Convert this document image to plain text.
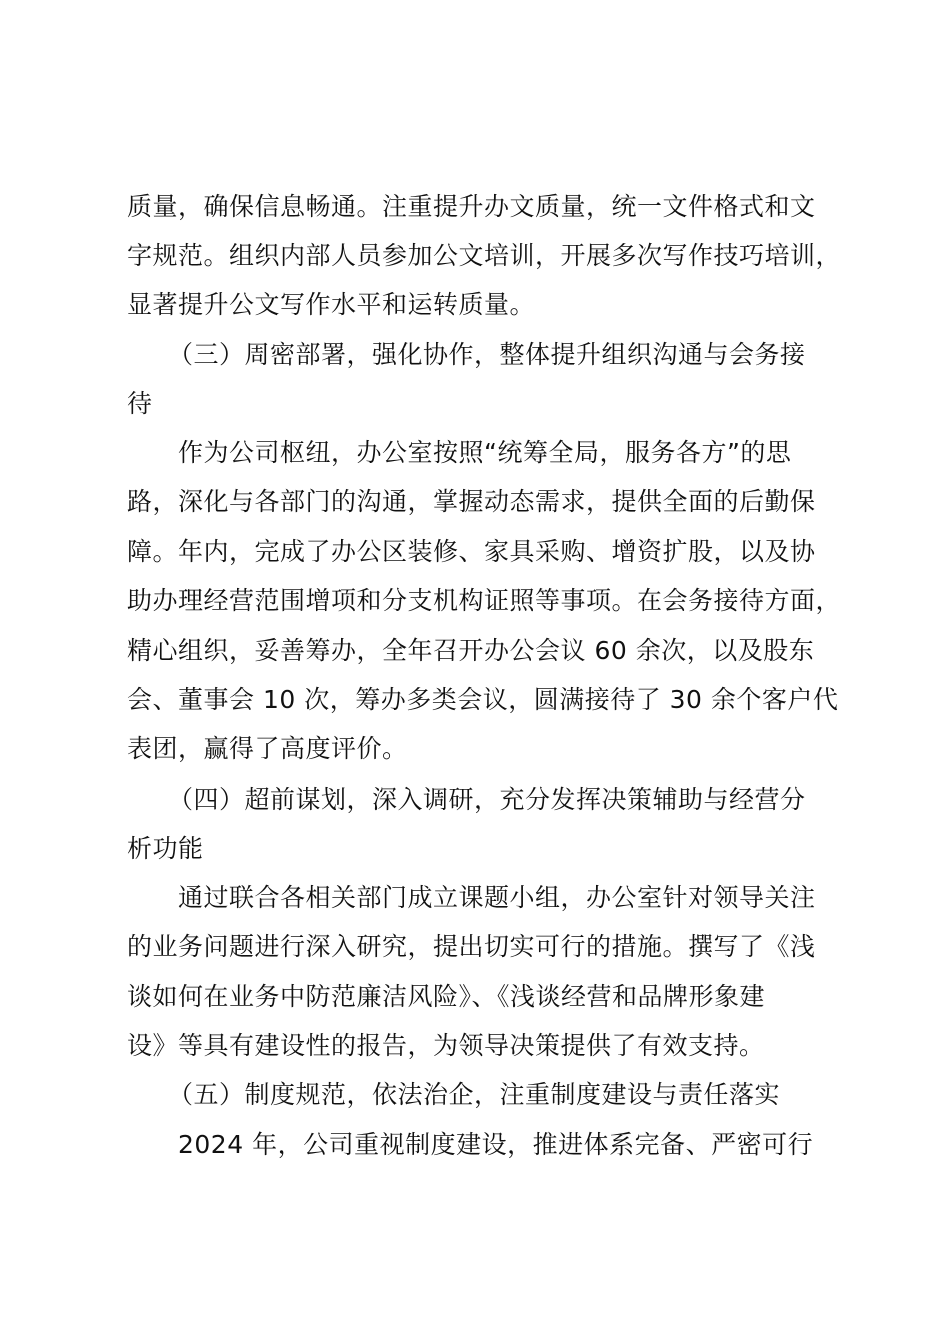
质量，确保信息畅通。注重提升办文质量，统一文件格式和文
字规范。组织内部人员参加公文培训，开展多次写作技巧培训，
显著提升公文写作水平和运转质量。
（三）周密部署，强化协作，整体提升组织沟通与会务接
待
作为公司枢纽，办公室按照“统筹全局，服务各方”的思
路，深化与各部门的沟通，掌握动态需求，提供全面的后勤保
障。年内，完成了办公区装修、家具采购、增资扩股，以及协
助办理经营范围增项和分支机构证照等事项。在会务接待方面，
精心组织，妥善筹办，全年召开办公会议 60 余次，以及股东
会、董事会 10 次，筹办多类会议，圆满接待了 30 余个客户代
表团，赢得了高度评价。
（四）超前谋划，深入调研，充分发挥决策辅助与经营分
析功能
通过联合各相关部门成立课题小组，办公室针对领导关注
的业务问题进行深入研究，提出切实可行的措施。撰写了《浅
谈如何在业务中防范廉洁风险》、《浅谈经营和品牌形象建
设》等具有建设性的报告，为领导决策提供了有效支持。
（五）制度规范，依法治企，注重制度建设与责任落实
2024 年，公司重视制度建设，推进体系完备、严密可行
